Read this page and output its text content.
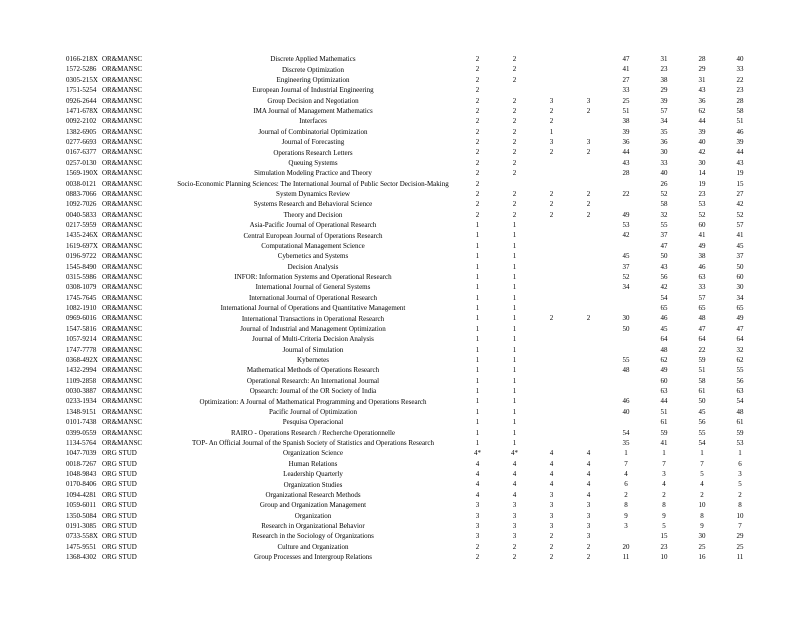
	0166-218X	OR&MANSC	Discrete Applied Mathematics		2	2			47	31	28	40
	1572-5286	OR&MANSC	Discrete Optimization		2	2			41	23	29	33
	0305-215X	OR&MANSC	Engineering Optimization		2	2			27	38	31	22
	1751-5254	OR&MANSC	European Journal of Industrial Engineering		2				33	29	43	23
	0926-2644	OR&MANSC	Group Decision and Negotiation		2	2	3	3	25	39	36	28
	1471-678X	OR&MANSC	IMA Journal of Management Mathematics		2	2	2	2	51	57	62	58
	0092-2102	OR&MANSC	Interfaces		2	2	2		38	34	44	51
	1382-6905	OR&MANSC	Journal of Combinatorial Optimization		2	2	1		39	35	39	46
	0277-6693	OR&MANSC	Journal of Forecasting		2	2	3	3	36	36	40	39
	0167-6377	OR&MANSC	Operations Research Letters		2	2	2	2	44	30	42	44
	0257-0130	OR&MANSC	Queuing Systems		2	2			43	33	30	43
	1569-190X	OR&MANSC	Simulation Modeling Practice and Theory		2	2			28	40	14	19
	0038-0121	OR&MANSC	Socio-Economic Planning Sciences: The International Journal of Public Sector Decision-Making		2					26	19	15
	0883-7066	OR&MANSC	System Dynamics Review		2	2	2	2	22	52	23	27
	1092-7026	OR&MANSC	Systems Research and Behavioral Science		2	2	2	2		58	53	42
	0040-5833	OR&MANSC	Theory and Decision		2	2	2	2	49	32	52	52
	0217-5959	OR&MANSC	Asia-Pacific Journal of Operational Research		1	1			53	55	60	57
	1435-246X	OR&MANSC	Central European Journal of Operations Research		1	1			42	37	41	41
	1619-697X	OR&MANSC	Computational Management Science		1	1				47	49	45
	0196-9722	OR&MANSC	Cybernetics and Systems		1	1			45	50	38	37
	1545-8490	OR&MANSC	Decision Analysis		1	1			37	43	46	50
	0315-5986	OR&MANSC	INFOR: Information Systems and Operational Research		1	1			52	56	63	60
	0308-1079	OR&MANSC	International Journal of General Systems		1	1			34	42	33	30
	1745-7645	OR&MANSC	International Journal of Operational Research		1	1				54	57	34
	1082-1910	OR&MANSC	International Journal of Operations and Quantitative Management		1	1				65	65	65
	0969-6016	OR&MANSC	International Transactions in Operational Research		1	1	2	2	30	46	48	49
	1547-5816	OR&MANSC	Journal of Industrial and Management Optimization		1	1			50	45	47	47
	1057-9214	OR&MANSC	Journal of Multi-Criteria Decision Analysis		1	1				64	64	64
	1747-7778	OR&MANSC	Journal of Simulation		1	1				48	22	32
	0368-492X	OR&MANSC	Kybernetes		1	1			55	62	59	62
	1432-2994	OR&MANSC	Mathematical Methods of Operations Research		1	1			48	49	51	55
	1109-2858	OR&MANSC	Operational Research: An International Journal		1	1				60	58	56
	0030-3887	OR&MANSC	Opsearch: Journal of the OR Society of India		1	1				63	61	63
	0233-1934	OR&MANSC	Optimization: A Journal of Mathematical Programming and Operations Research		1	1			46	44	50	54
	1348-9151	OR&MANSC	Pacific Journal of Optimization		1	1			40	51	45	48
	0101-7438	OR&MANSC	Pesquisa Operacional		1	1				61	56	61
	0399-0559	OR&MANSC	RAIRO - Operations Research / Recherche Operationnelle		1	1			54	59	55	59
	1134-5764	OR&MANSC	TOP- An Official Journal of the Spanish Society of Statistics and Operations Research		1	1			35	41	54	53
	1047-7039	ORG STUD	Organization Science		4*	4*	4	4	1	1	1	1
	0018-7267	ORG STUD	Human Relations		4	4	4	4	7	7	7	6
	1048-9843	ORG STUD	Leadership Quarterly		4	4	4	4	4	3	5	3
	0170-8406	ORG STUD	Organization Studies		4	4	4	4	6	4	4	5
	1094-4281	ORG STUD	Organizational Research Methods		4	4	3	4	2	2	2	2
	1059-6011	ORG STUD	Group and Organization Management		3	3	3	3	8	8	10	8
	1350-5084	ORG STUD	Organization		3	3	3	3	9	9	8	10
	0191-3085	ORG STUD	Research in Organizational Behavior		3	3	3	3	3	5	9	7
	0733-558X	ORG STUD	Research in the Sociology of Organizations		3	3	2	3		15	30	29
	1475-9551	ORG STUD	Culture and Organization		2	2	2	2	20	23	25	25
	1368-4302	ORG STUD	Group Processes and Intergroup Relations		2	2	2	2	11	10	16	11
